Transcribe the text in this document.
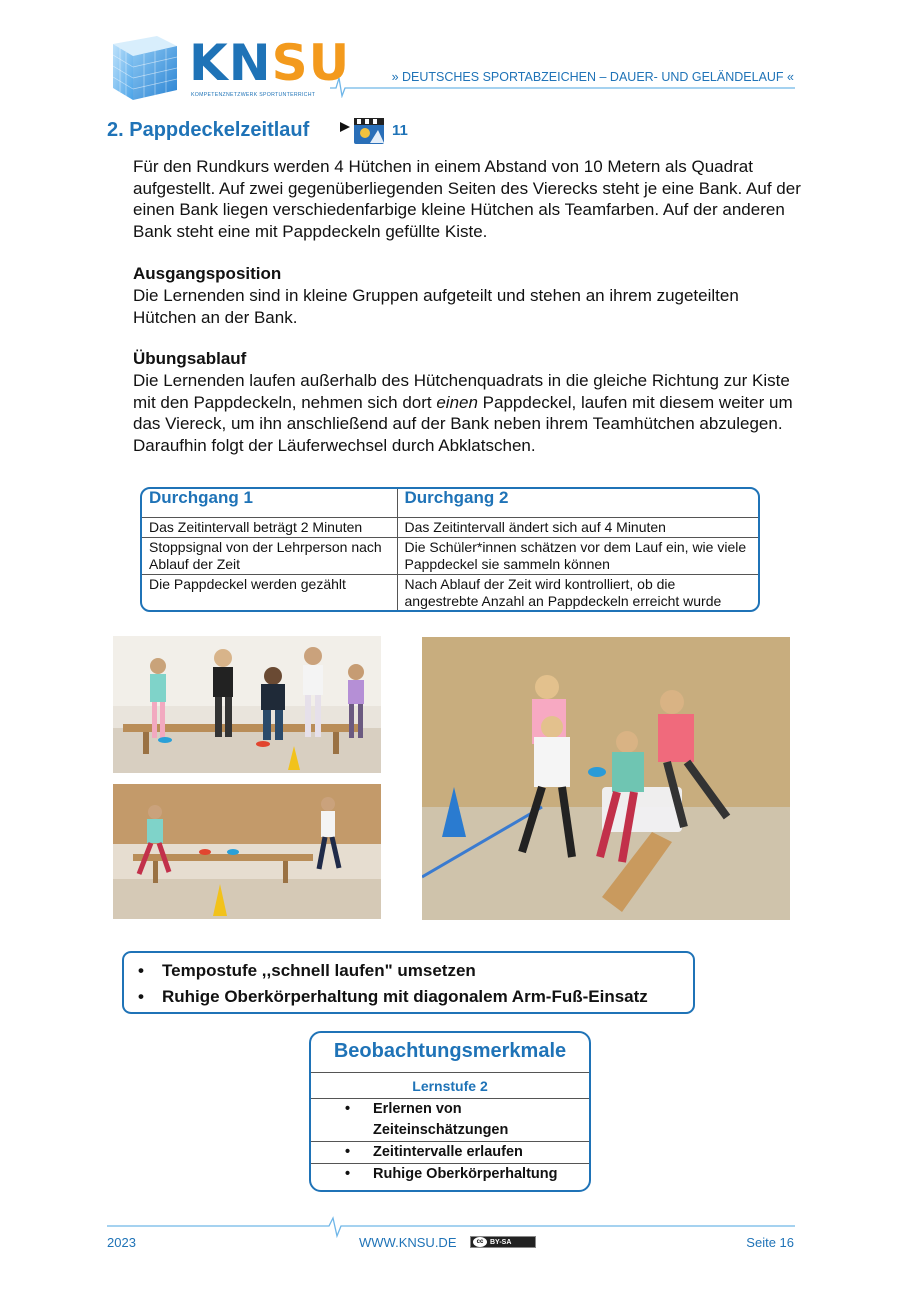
KNSU
KOMPETENZNETZWERK SPORTUNTERRICHT
» DEUTSCHES SPORTABZEICHEN – DAUER- UND GELÄNDELAUF «
2. Pappdeckelzeitlauf	11

Für den Rundkurs werden 4 Hütchen in einem Abstand von 10 Metern als Quadrat aufgestellt. Auf zwei gegenüberliegenden Seiten des Vierecks steht je eine Bank. Auf der einen Bank liegen verschiedenfarbige kleine Hütchen als Teamfarben. Auf der anderen Bank steht eine mit Pappdeckeln gefüllte Kiste.

Ausgangsposition

Die Lernenden sind in kleine Gruppen aufgeteilt und stehen an ihrem zugeteilten Hütchen an der Bank.

Übungsablauf

Die Lernenden laufen außerhalb des Hütchenquadrats in die gleiche Richtung zur Kiste mit den Pappdeckeln, nehmen sich dort einen Pappdeckel, laufen mit diesem weiter um das Viereck, um ihn anschließend auf der Bank neben ihrem Teamhütchen abzulegen. Daraufhin folgt der Läuferwechsel durch Abklatschen.

Durchgang 1	Durchgang 2
Das Zeitintervall beträgt 2 Minuten	Das Zeitintervall ändert sich auf 4 Minuten
Stoppsignal von der Lehrperson nach Ablauf der Zeit	Die Schüler*innen schätzen vor dem Lauf ein, wie viele Pappdeckel sie sammeln können
Die Pappdeckel werden gezählt	Nach Ablauf der Zeit wird kontrolliert, ob die angestrebte Anzahl an Pappdeckeln erreicht wurde
• Tempostufe ,,schnell laufen" umsetzen
• Ruhige Oberkörperhaltung mit diagonalem Arm-Fuß-Einsatz
Beobachtungsmerkmale
Lernstufe 2
• Erlernen von Zeiteinschätzungen
• Zeitintervalle erlaufen
• Ruhige Oberkörperhaltung
2023	WWW.KNSU.DE	cc BY-SA	Seite 16
